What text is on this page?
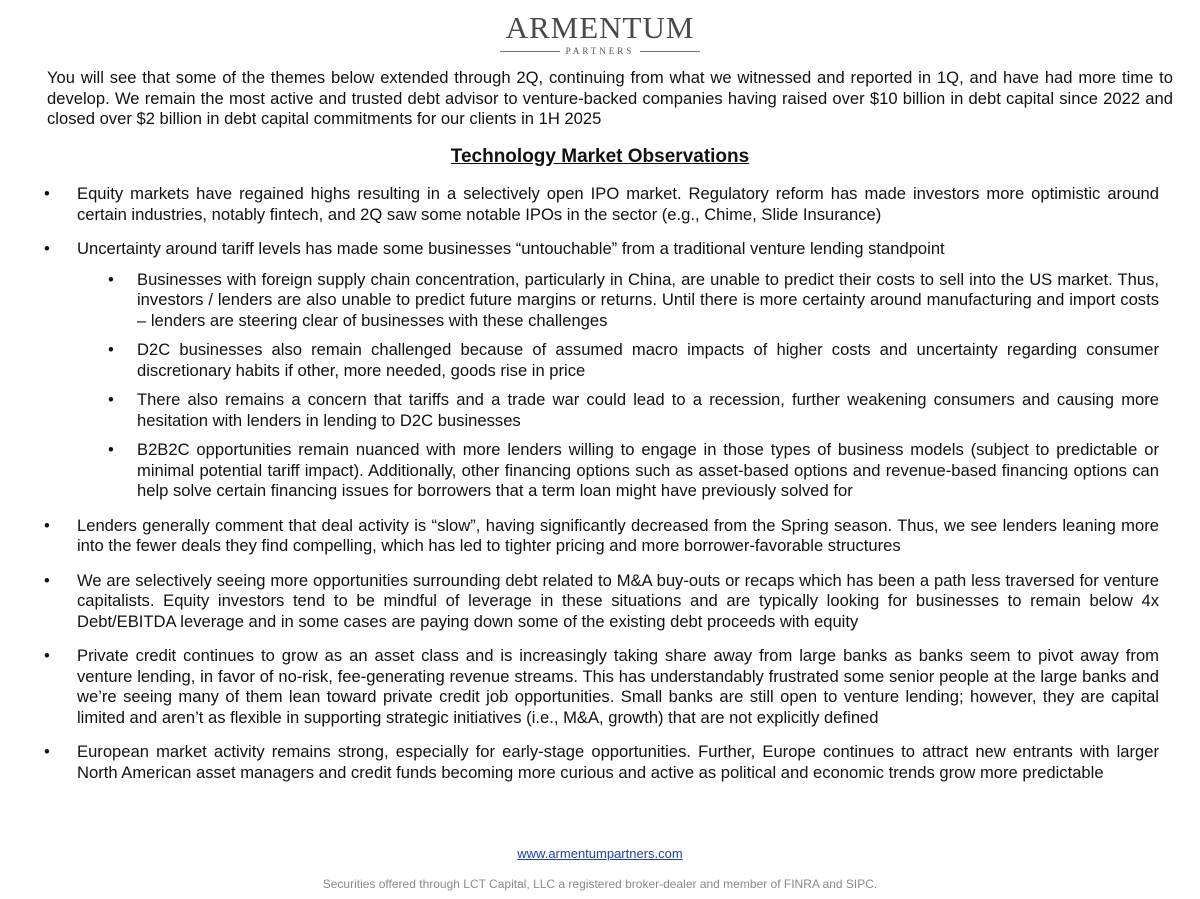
ARMENTUM
PARTNERS

You will see that some of the themes below extended through 2Q, continuing from what we witnessed and reported in 1Q, and have had more time to develop. We remain the most active and trusted debt advisor to venture-backed companies having raised over $10 billion in debt capital since 2022 and closed over $2 billion in debt capital commitments for our clients in 1H 2025

Technology Market Observations
• Equity markets have regained highs resulting in a selectively open IPO market. Regulatory reform has made investors more optimistic around certain industries, notably fintech, and 2Q saw some notable IPOs in the sector (e.g., Chime, Slide Insurance)
• Uncertainty around tariff levels has made some businesses “untouchable” from a traditional venture lending standpoint
• Businesses with foreign supply chain concentration, particularly in China, are unable to predict their costs to sell into the US market. Thus, investors / lenders are also unable to predict future margins or returns. Until there is more certainty around manufacturing and import costs – lenders are steering clear of businesses with these challenges
• D2C businesses also remain challenged because of assumed macro impacts of higher costs and uncertainty regarding consumer discretionary habits if other, more needed, goods rise in price
• There also remains a concern that tariffs and a trade war could lead to a recession, further weakening consumers and causing more hesitation with lenders in lending to D2C businesses
• B2B2C opportunities remain nuanced with more lenders willing to engage in those types of business models (subject to predictable or minimal potential tariff impact). Additionally, other financing options such as asset-based options and revenue-based financing options can help solve certain financing issues for borrowers that a term loan might have previously solved for
• Lenders generally comment that deal activity is “slow”, having significantly decreased from the Spring season. Thus, we see lenders leaning more into the fewer deals they find compelling, which has led to tighter pricing and more borrower-favorable structures
• We are selectively seeing more opportunities surrounding debt related to M&A buy-outs or recaps which has been a path less traversed for venture capitalists. Equity investors tend to be mindful of leverage in these situations and are typically looking for businesses to remain below 4x Debt/EBITDA leverage and in some cases are paying down some of the existing debt proceeds with equity
• Private credit continues to grow as an asset class and is increasingly taking share away from large banks as banks seem to pivot away from venture lending, in favor of no-risk, fee-generating revenue streams. This has understandably frustrated some senior people at the large banks and we’re seeing many of them lean toward private credit job opportunities. Small banks are still open to venture lending; however, they are capital limited and aren’t as flexible in supporting strategic initiatives (i.e., M&A, growth) that are not explicitly defined
• European market activity remains strong, especially for early-stage opportunities. Further, Europe continues to attract new entrants with larger North American asset managers and credit funds becoming more curious and active as political and economic trends grow more predictable
www.armentumpartners.com
Securities offered through LCT Capital, LLC a registered broker-dealer and member of FINRA and SIPC.
